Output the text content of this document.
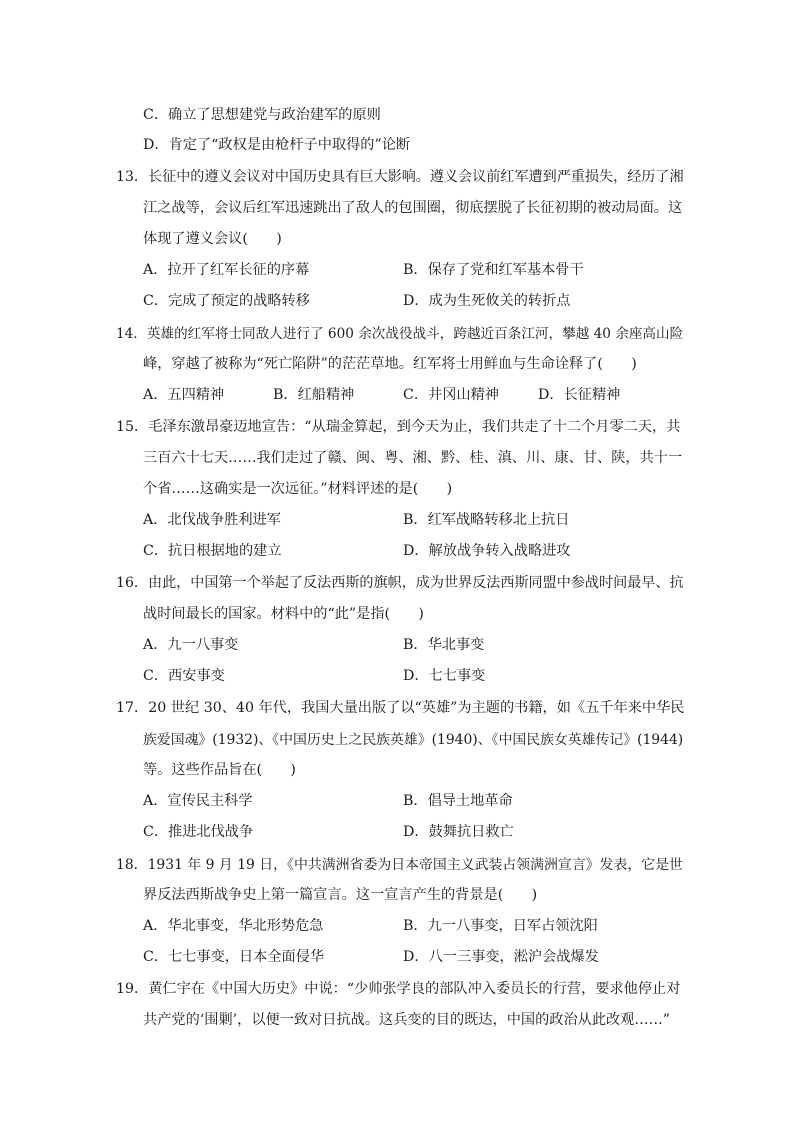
C．确立了思想建党与政治建军的原则
D．肯定了“政权是由枪杆子中取得的”论断
13．长征中的遵义会议对中国历史具有巨大影响。遵义会议前红军遭到严重损失，经历了湘
江之战等，会议后红军迅速跳出了敌人的包围圈，彻底摆脱了长征初期的被动局面。这
体现了遵义会议(　　)
A．拉开了红军长征的序幕	B．保存了党和红军基本骨干
C．完成了预定的战略转移	D．成为生死攸关的转折点
14．英雄的红军将士同敌人进行了 600 余次战役战斗，跨越近百条江河，攀越 40 余座高山险
峰，穿越了被称为“死亡陷阱”的茫茫草地。红军将士用鲜血与生命诠释了(　　)
A．五四精神	B．红船精神	C．井冈山精神	D．长征精神
15．毛泽东激昂豪迈地宣告：“从瑞金算起，到今天为止，我们共走了十二个月零二天，共
三百六十七天……我们走过了赣、闽、粤、湘、黔、桂、滇、川、康、甘、陕，共十一
个省……这确实是一次远征。”材料评述的是(　　)
A．北伐战争胜利进军	B．红军战略转移北上抗日
C．抗日根据地的建立	D．解放战争转入战略进攻
16．由此，中国第一个举起了反法西斯的旗帜，成为世界反法西斯同盟中参战时间最早、抗
战时间最长的国家。材料中的“此”是指(　　)
A．九一八事变	B．华北事变
C．西安事变	D．七七事变
17．20 世纪 30、40 年代，我国大量出版了以“英雄”为主题的书籍，如《五千年来中华民
族爱国魂》(1932)、《中国历史上之民族英雄》(1940)、《中国民族女英雄传记》(1944)
等。这些作品旨在(　　)
A．宣传民主科学	B．倡导土地革命
C．推进北伐战争	D．鼓舞抗日救亡
18．1931 年 9 月 19 日，《中共满洲省委为日本帝国主义武装占领满洲宣言》发表，它是世
界反法西斯战争史上第一篇宣言。这一宣言产生的背景是(　　)
A．华北事变，华北形势危急	B．九一八事变，日军占领沈阳
C．七七事变，日本全面侵华	D．八一三事变，淞沪会战爆发
19．黄仁宇在《中国大历史》中说：“少帅张学良的部队冲入委员长的行营，要求他停止对
共产党的‘围剿’，以便一致对日抗战。这兵变的目的既达，中国的政治从此改观……”
